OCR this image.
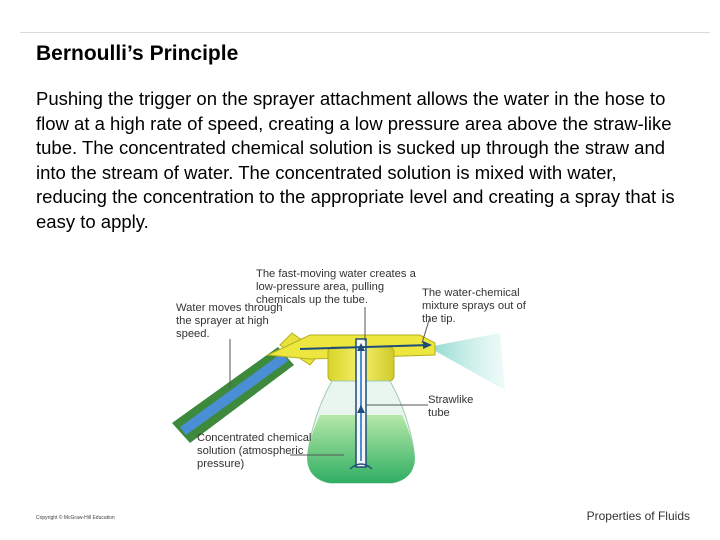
Bernoulli’s Principle
Pushing the trigger on the sprayer attachment allows the water in the hose to flow at a high rate of speed, creating a low pressure area above the straw-like tube. The concentrated chemical solution is sucked up through the straw and into the stream of water. The concentrated solution is mixed with water, reducing the concentration to the appropriate level and creating a spray that is easy to apply.
The fast-moving water creates a low-pressure area, pulling chemicals up the tube.
Water moves through the sprayer at high speed.
The water-chemical mixture sprays out of the tip.
Strawlike tube
Concentrated chemical solution (atmospheric pressure)
Copyright © McGraw-Hill Education	Properties of Fluids
